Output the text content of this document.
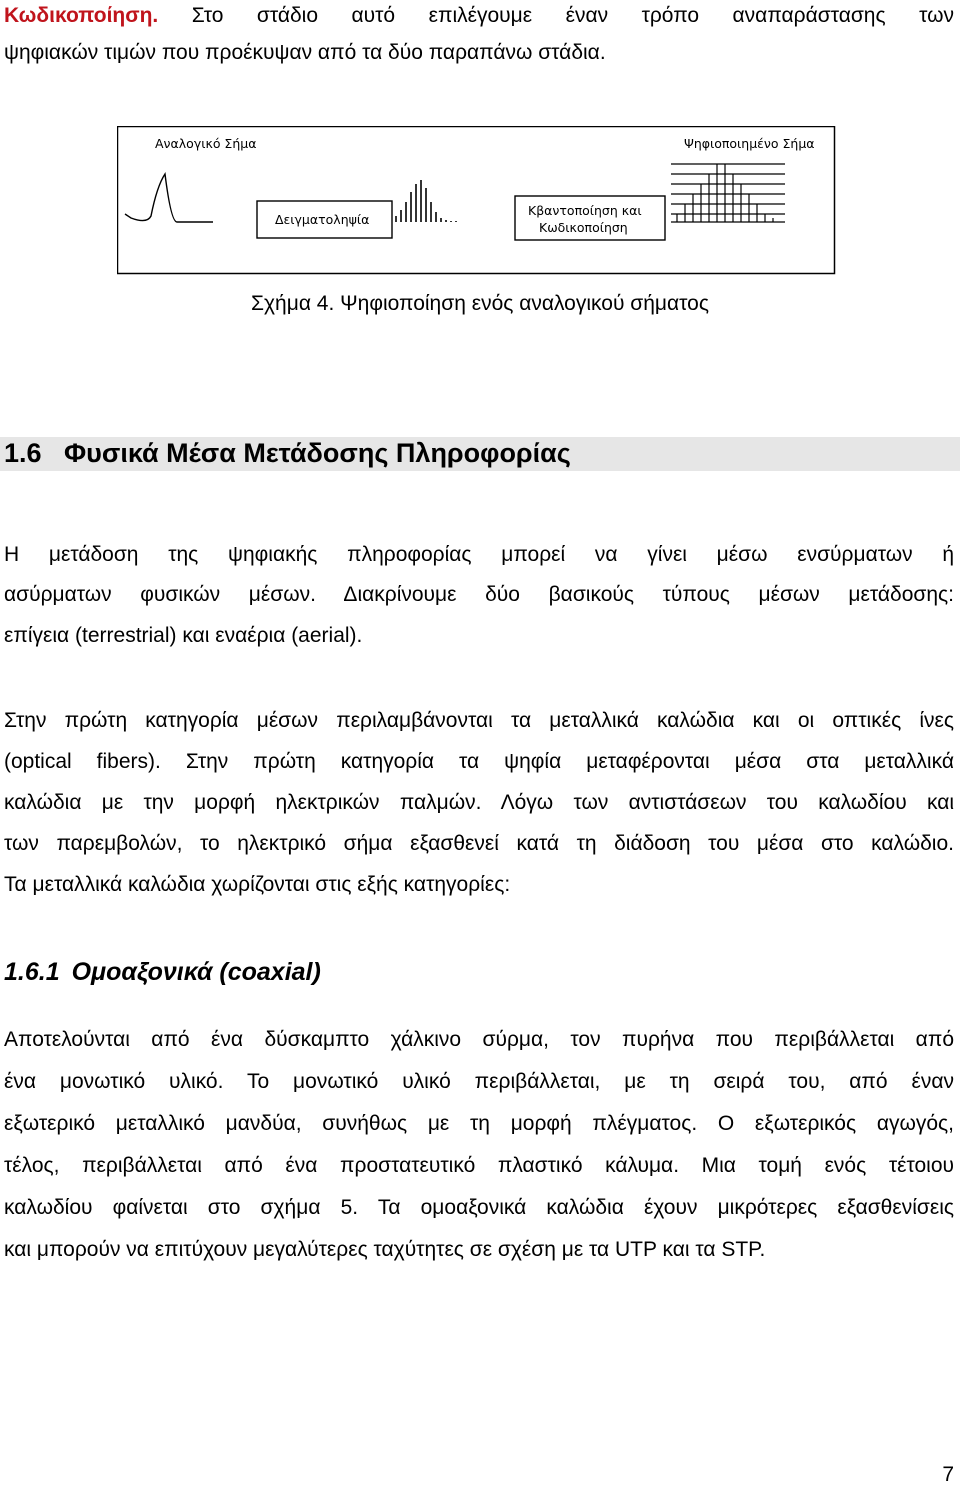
Κωδικοποίηση. Στο στάδιο αυτό επιλέγουμε έναν τρόπο αναπαράστασης των
ψηφιακών τιμών που προέκυψαν από τα δύο παραπάνω στάδια.
Αναλογικό Σήμα	Ψηφιοποιημένο Σήμα
Δειγματοληψία
Κβαντοποίηση και
Κωδικοποίηση
Σχήμα 4. Ψηφιοποίηση ενός αναλογικού σήματος
1.6 Φυσικά Μέσα Μετάδοσης Πληροφορίας
Η μετάδοση της ψηφιακής πληροφορίας μπορεί να γίνει μέσω ενσύρματων ή
ασύρματων φυσικών μέσων. Διακρίνουμε δύο βασικούς τύπους μέσων μετάδοσης:
επίγεια (terrestrial) και εναέρια (aerial).
Στην πρώτη κατηγορία μέσων περιλαμβάνονται τα μεταλλικά καλώδια και οι οπτικές ίνες
(optical fibers). Στην πρώτη κατηγορία τα ψηφία μεταφέρονται μέσα στα μεταλλικά
καλώδια με την μορφή ηλεκτρικών παλμών. Λόγω των αντιστάσεων του καλωδίου και
των παρεμβολών, το ηλεκτρικό σήμα εξασθενεί κατά τη διάδοση του μέσα στο καλώδιο.
Τα μεταλλικά καλώδια χωρίζονται στις εξής κατηγορίες:
1.6.1 Ομοαξονικά (coaxial)
Αποτελούνται από ένα δύσκαμπτο χάλκινο σύρμα, τον πυρήνα που περιβάλλεται από
ένα μονωτικό υλικό. Το μονωτικό υλικό περιβάλλεται, με τη σειρά του, από έναν
εξωτερικό μεταλλικό μανδύα, συνήθως με τη μορφή πλέγματος. Ο εξωτερικός αγωγός,
τέλος, περιβάλλεται από ένα προστατευτικό πλαστικό κάλυμα. Μια τομή ενός τέτοιου
καλωδίου φαίνεται στο σχήμα 5. Τα ομοαξονικά καλώδια έχουν μικρότερες εξασθενίσεις
και μπορούν να επιτύχουν μεγαλύτερες ταχύτητες σε σχέση με τα UTP και τα STP.
7
